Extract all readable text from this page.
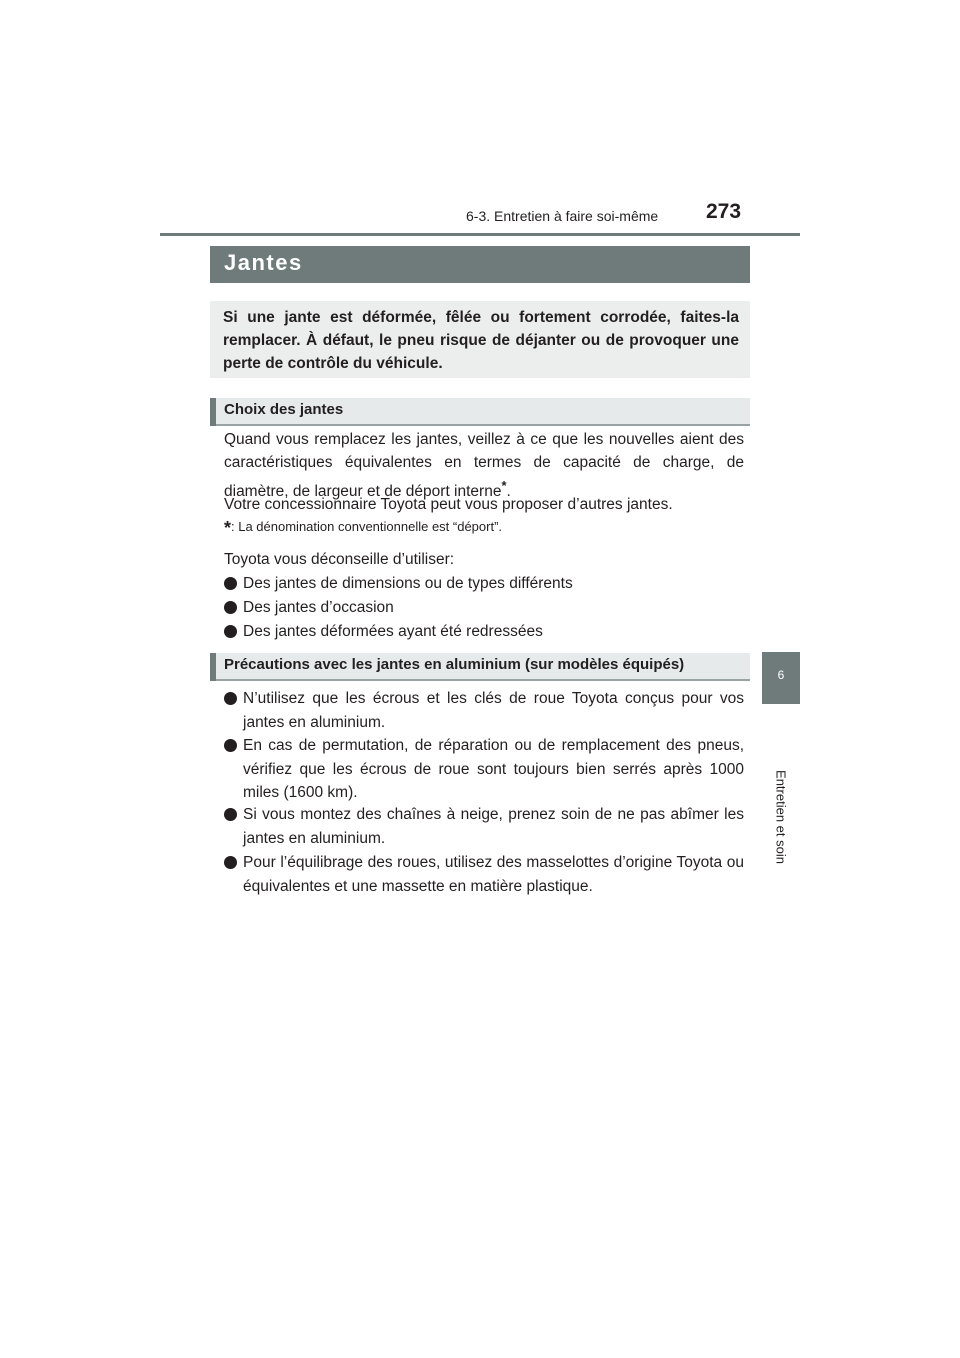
6-3. Entretien à faire soi-même 273
6
Entretien et soin
Jantes

Si une jante est déformée, fêlée ou fortement corrodée, faites-la remplacer. À défaut, le pneu risque de déjanter ou de provoquer une perte de contrôle du véhicule.

Choix des jantes

Quand vous remplacez les jantes, veillez à ce que les nouvelles aient des caractéristiques équivalentes en termes de capacité de charge, de diamètre, de largeur et de déport interne*.

Votre concessionnaire Toyota peut vous proposer d’autres jantes.

*: La dénomination conventionnelle est “déport”.

Toyota vous déconseille d’utiliser:

Des jantes de dimensions ou de types différents
Des jantes d’occasion
Des jantes déformées ayant été redressées
Précautions avec les jantes en aluminium (sur modèles équipés)
N’utilisez que les écrous et les clés de roue Toyota conçus pour vos jantes en aluminium.
En cas de permutation, de réparation ou de remplacement des pneus, vérifiez que les écrous de roue sont toujours bien serrés après 1000 miles (1600 km).
Si vous montez des chaînes à neige, prenez soin de ne pas abîmer les jantes en aluminium.
Pour l’équilibrage des roues, utilisez des masselottes d’origine Toyota ou équivalentes et une massette en matière plastique.
